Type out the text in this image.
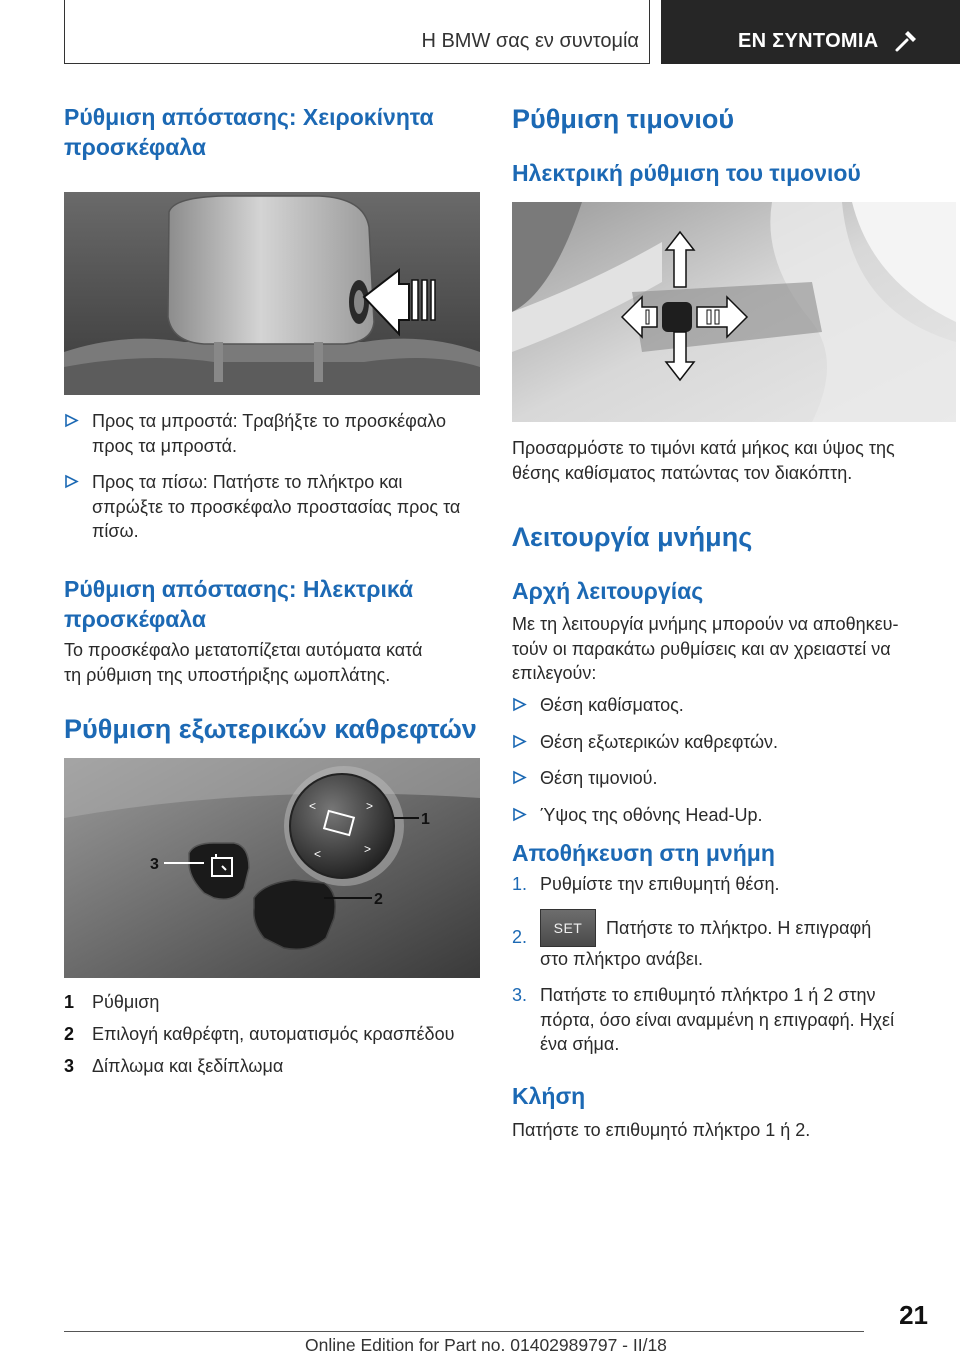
Η BMW σας εν συντομία	ΕΝ ΣΥΝΤΟΜΙΑ
Ρύθμιση απόστασης: Χειροκίνητα
προσκέφαλα
Προς τα μπροστά: Τραβήξτε το προσκέφαλο
προς τα μπροστά.
Προς τα πίσω: Πατήστε το πλήκτρο και
σπρώξτε το προσκέφαλο προστασίας προς τα
πίσω.
Ρύθμιση απόστασης: Ηλεκτρικά
προσκέφαλα
Το προσκέφαλο μετατοπίζεται αυτόματα κατά
τη ρύθμιση της υποστήριξης ωμοπλάτης.
Ρύθμιση εξωτερικών καθρεφτών
<	>
<	>
1
2
3
1 Ρύθμιση
2 Επιλογή καθρέφτη, αυτοματισμός κρασπέδου
3 Δίπλωμα και ξεδίπλωμα
Ρύθμιση τιμονιού
Ηλεκτρική ρύθμιση του τιμονιού
Προσαρμόστε το τιμόνι κατά μήκος και ύψος της
θέσης καθίσματος πατώντας τον διακόπτη.
Λειτουργία μνήμης
Αρχή λειτουργίας
Με τη λειτουργία μνήμης μπορούν να αποθηκευ-
τούν οι παρακάτω ρυθμίσεις και αν χρειαστεί να
επιλεγούν:
Θέση καθίσματος.
Θέση εξωτερικών καθρεφτών.
Θέση τιμονιού.
Ύψος της οθόνης Head-Up.
Αποθήκευση στη μνήμη
1. Ρυθμίστε την επιθυμητή θέση.
2.	SET Πατήστε το πλήκτρο. Η επιγραφή
στο πλήκτρο ανάβει.
3. Πατήστε το επιθυμητό πλήκτρο 1 ή 2 στην
πόρτα, όσο είναι αναμμένη η επιγραφή. Ηχεί
ένα σήμα.
Κλήση
Πατήστε το επιθυμητό πλήκτρο 1 ή 2.
21
Online Edition for Part no. 01402989797 - II/18
